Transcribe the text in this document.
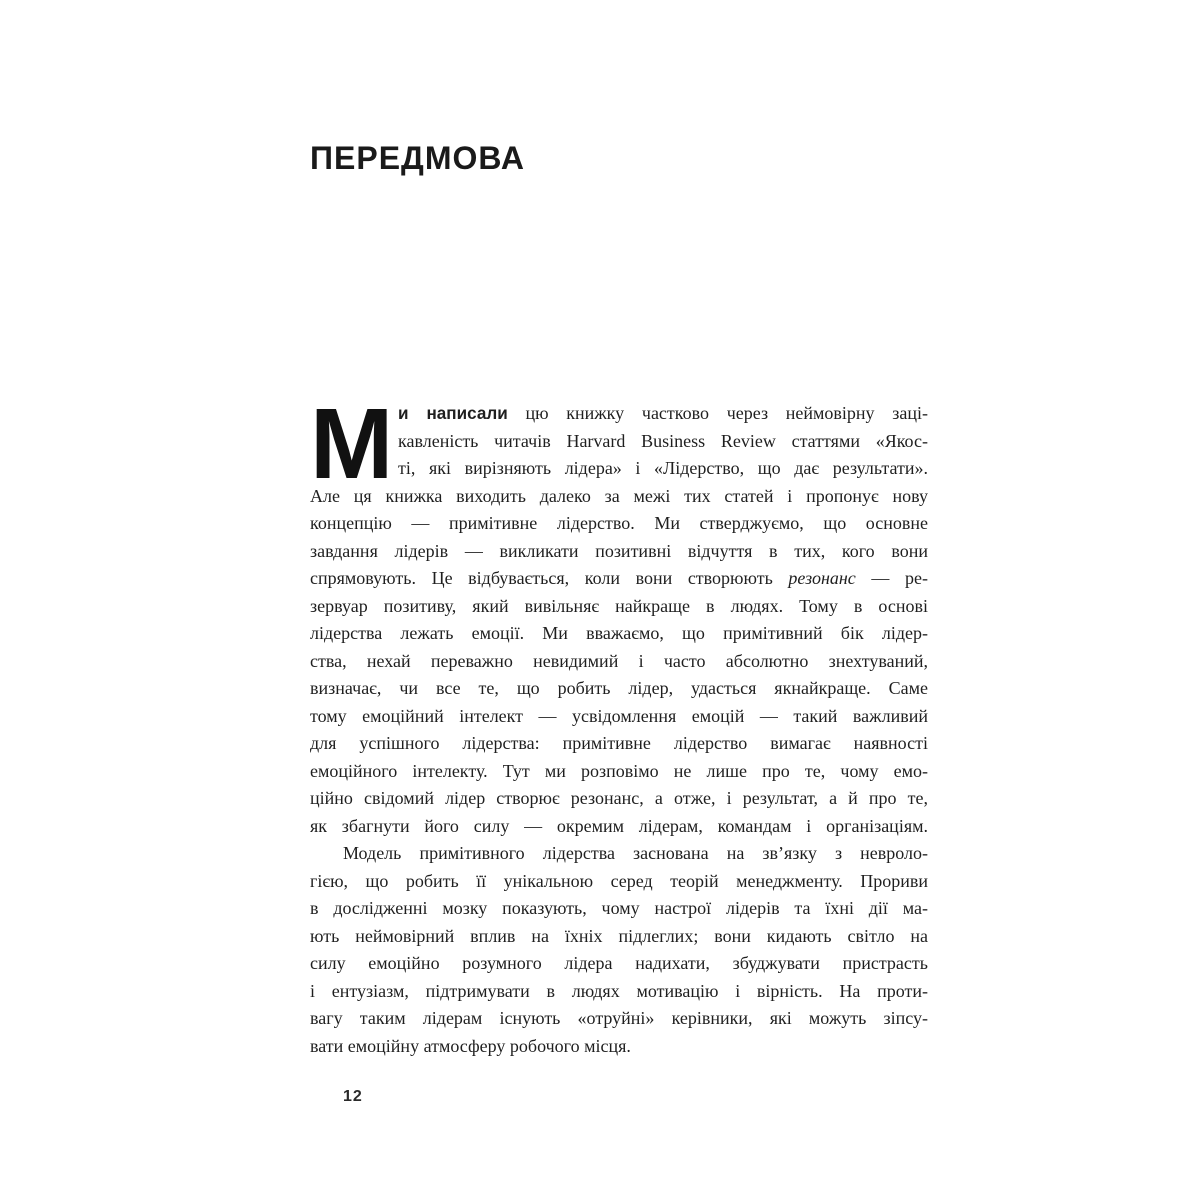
ПЕРЕДМОВА
М и написали цю книжку частково через неймовірну заці-
кавленість читачів Harvard Business Review статтями «Якос-
ті, які вирізняють лідера» і «Лідерство, що дає результати».
Але ця книжка виходить далеко за межі тих статей і пропонує нову
концепцію — примітивне лідерство. Ми стверджуємо, що основне
завдання лідерів — викликати позитивні відчуття в тих, кого вони
спрямовують. Це відбувається, коли вони створюють резонанс — ре-
зервуар позитиву, який вивільняє найкраще в людях. Тому в основі
лідерства лежать емоції. Ми вважаємо, що примітивний бік лідер-
ства, нехай переважно невидимий і часто абсолютно знехтуваний,
визначає, чи все те, що робить лідер, удасться якнайкраще. Саме
тому емоційний інтелект — усвідомлення емоцій — такий важливий
для успішного лідерства: примітивне лідерство вимагає наявності
емоційного інтелекту. Тут ми розповімо не лише про те, чому емо-
ційно свідомий лідер створює резонанс, а отже, і результат, а й про те,
як збагнути його силу — окремим лідерам, командам і організаціям.
Модель примітивного лідерства заснована на зв’язку з невроло-
гією, що робить її унікальною серед теорій менеджменту. Прориви
в дослідженні мозку показують, чому настрої лідерів та їхні дії ма-
ють неймовірний вплив на їхніх підлеглих; вони кидають світло на
силу емоційно розумного лідера надихати, збуджувати пристрасть
і ентузіазм, підтримувати в людях мотивацію і вірність. На проти-
вагу таким лідерам існують «отруйні» керівники, які можуть зіпсу-
вати емоційну атмосферу робочого місця.
12
